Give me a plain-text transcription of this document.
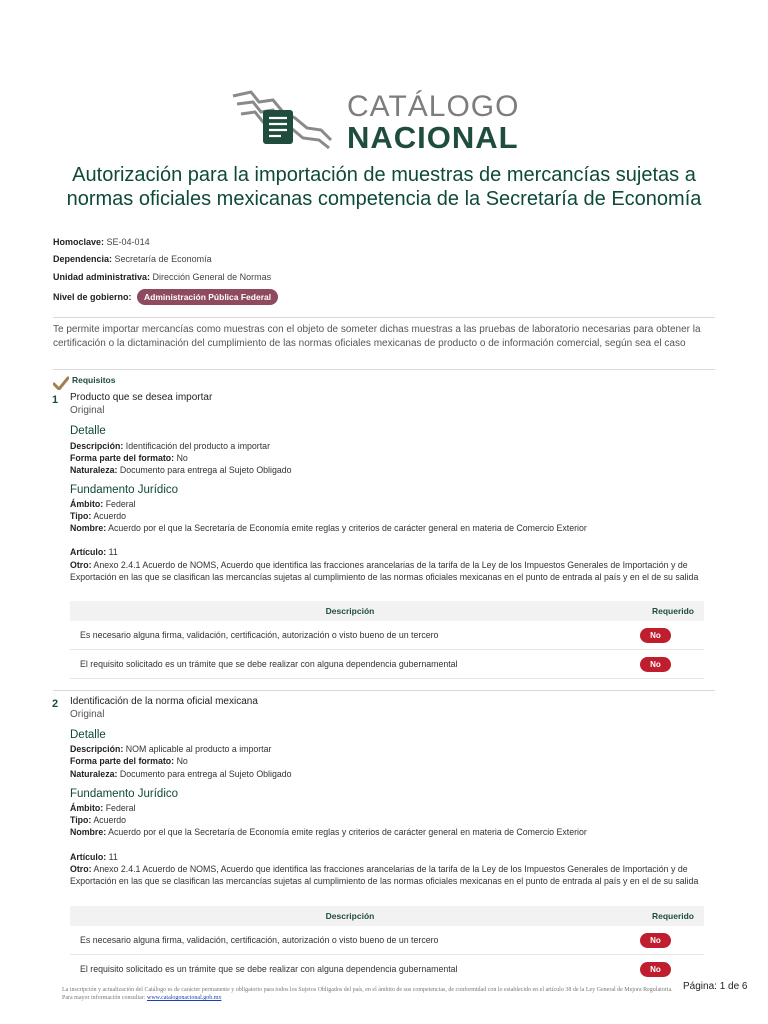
CATÁLOGO
NACIONAL
Autorización para la importación de muestras de mercancías sujetas a normas oficiales mexicanas competencia de la Secretaría de Economía
Homoclave: SE-04-014
Dependencia: Secretaría de Economía
Unidad administrativa: Dirección General de Normas
Nivel de gobierno: Administración Pública Federal
Te permite importar mercancías como muestras con el objeto de someter dichas muestras a las pruebas de laboratorio necesarias para obtener la certificación o la dictaminación del cumplimiento de las normas oficiales mexicanas de producto o de información comercial, según sea el caso
Requisitos
1 Producto que se desea importar
Original
Detalle
Descripción: Identificación del producto a importar
Forma parte del formato: No
Naturaleza: Documento para entrega al Sujeto Obligado
Fundamento Jurídico
Ámbito: Federal
Tipo: Acuerdo
Nombre: Acuerdo por el que la Secretaría de Economía emite reglas y criterios de carácter general en materia de Comercio Exterior
Artículo: 11
Otro: Anexo 2.4.1 Acuerdo de NOMS, Acuerdo que identifica las fracciones arancelarias de la tarifa de la Ley de los Impuestos Generales de Importación y de Exportación en las que se clasifican las mercancías sujetas al cumplimiento de las normas oficiales mexicanas en el punto de entrada al país y en el de su salida
Descripción	Requerido
Es necesario alguna firma, validación, certificación, autorización o visto bueno de un tercero	No
El requisito solicitado es un trámite que se debe realizar con alguna dependencia gubernamental	No
2 Identificación de la norma oficial mexicana
Original
Detalle
Descripción: NOM aplicable al producto a importar
Forma parte del formato: No
Naturaleza: Documento para entrega al Sujeto Obligado
Fundamento Jurídico
Ámbito: Federal
Tipo: Acuerdo
Nombre: Acuerdo por el que la Secretaría de Economía emite reglas y criterios de carácter general en materia de Comercio Exterior
Artículo: 11
Otro: Anexo 2.4.1 Acuerdo de NOMS, Acuerdo que identifica las fracciones arancelarias de la tarifa de la Ley de los Impuestos Generales de Importación y de Exportación en las que se clasifican las mercancías sujetas al cumplimiento de las normas oficiales mexicanas en el punto de entrada al país y en el de su salida
Descripción	Requerido
Es necesario alguna firma, validación, certificación, autorización o visto bueno de un tercero	No
El requisito solicitado es un trámite que se debe realizar con alguna dependencia gubernamental	No
La inscripción y actualización del Catálogo es de carácter permanente y obligatorio para todos los Sujetos Obligados del país, en el ámbito de sus competencias, de conformidad con lo establecido en el artículo 38 de la Ley General de Mejora Regulatoria. Para mayor información consultar: www.catalogonacional.gob.mx
Página: 1 de 6
